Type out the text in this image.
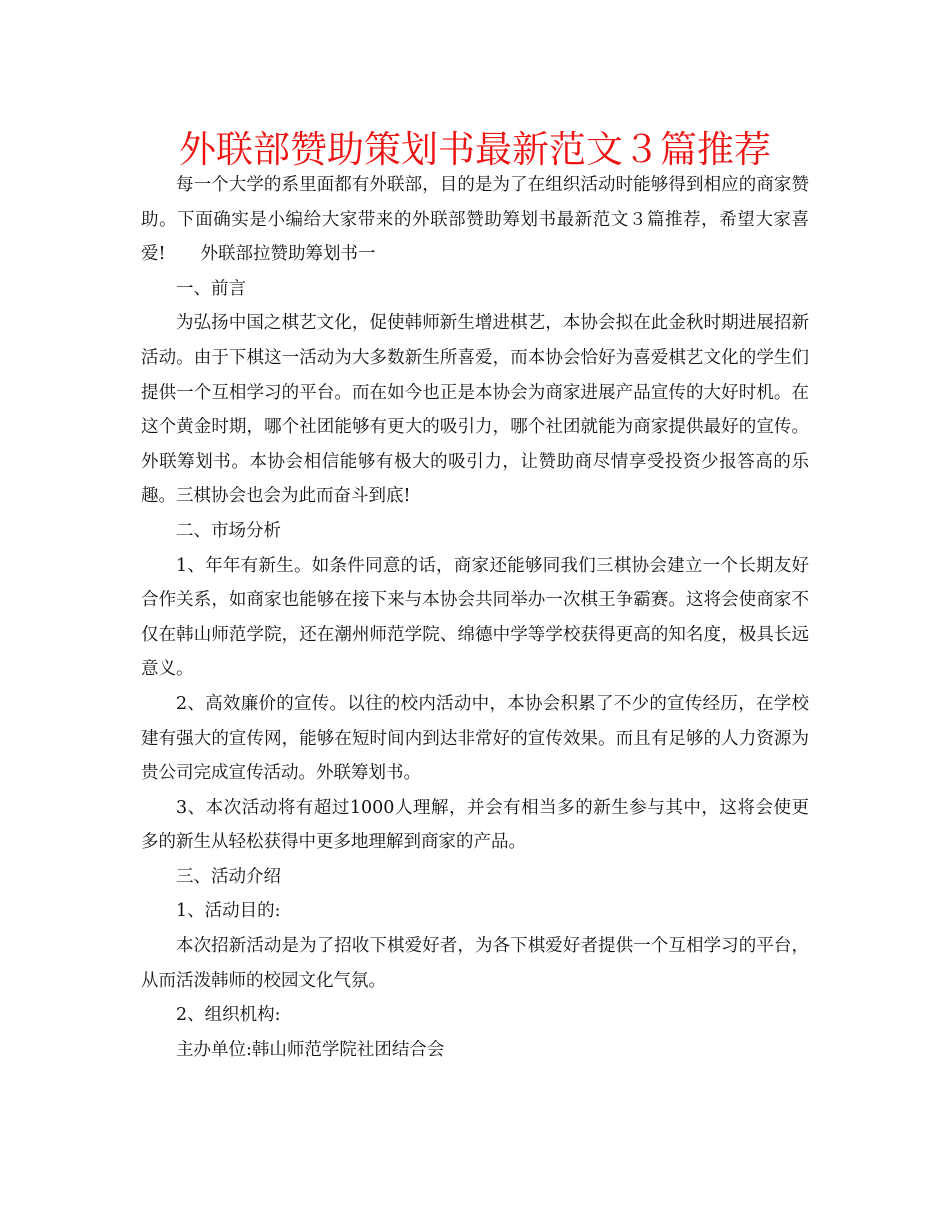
外联部赞助策划书最新范文３篇推荐

每一个大学的系里面都有外联部，目的是为了在组织活动时能够得到相应的商家赞助。下面确实是小编给大家带来的外联部赞助筹划书最新范文３篇推荐，希望大家喜爱!　　外联部拉赞助筹划书一

一、前言

为弘扬中国之棋艺文化，促使韩师新生增进棋艺，本协会拟在此金秋时期进展招新活动。由于下棋这一活动为大多数新生所喜爱，而本协会恰好为喜爱棋艺文化的学生们提供一个互相学习的平台。而在如今也正是本协会为商家进展产品宣传的大好时机。在这个黄金时期，哪个社团能够有更大的吸引力，哪个社团就能为商家提供最好的宣传。外联筹划书。本协会相信能够有极大的吸引力，让赞助商尽情享受投资少报答高的乐趣。三棋协会也会为此而奋斗到底!

二、市场分析

1、年年有新生。如条件同意的话，商家还能够同我们三棋协会建立一个长期友好合作关系，如商家也能够在接下来与本协会共同举办一次棋王争霸赛。这将会使商家不仅在韩山师范学院，还在潮州师范学院、绵德中学等学校获得更高的知名度，极具长远意义。

2、高效廉价的宣传。以往的校内活动中，本协会积累了不少的宣传经历，在学校建有强大的宣传网，能够在短时间内到达非常好的宣传效果。而且有足够的人力资源为贵公司完成宣传活动。外联筹划书。

3、本次活动将有超过1000人理解，并会有相当多的新生参与其中，这将会使更多的新生从轻松获得中更多地理解到商家的产品。

三、活动介绍

1、活动目的:

本次招新活动是为了招收下棋爱好者，为各下棋爱好者提供一个互相学习的平台，从而活泼韩师的校园文化气氛。

2、组织机构:

主办单位:韩山师范学院社团结合会
